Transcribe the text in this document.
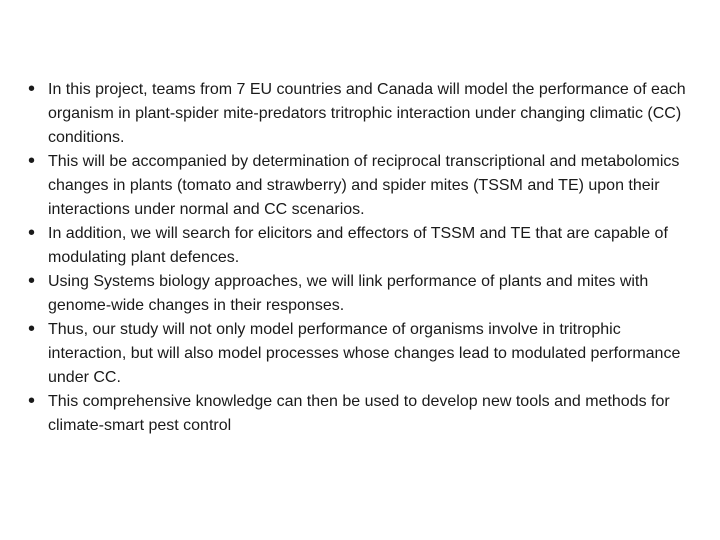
• In this project, teams from 7 EU countries and Canada will model the performance of each organism in plant-spider mite-predators tritrophic interaction under changing climatic (CC) conditions.
• This will be accompanied by determination of reciprocal transcriptional and metabolomics changes in plants (tomato and strawberry) and spider mites (TSSM and TE) upon their interactions under normal and CC scenarios.
• In addition, we will search for elicitors and effectors of TSSM and TE that are capable of modulating plant defences.
• Using Systems biology approaches, we will link performance of plants and mites with genome-wide changes in their responses.
• Thus, our study will not only model performance of organisms involve in tritrophic interaction, but will also model processes whose changes lead to modulated performance under CC.
• This comprehensive knowledge can then be used to develop new tools and methods for climate-smart pest control
